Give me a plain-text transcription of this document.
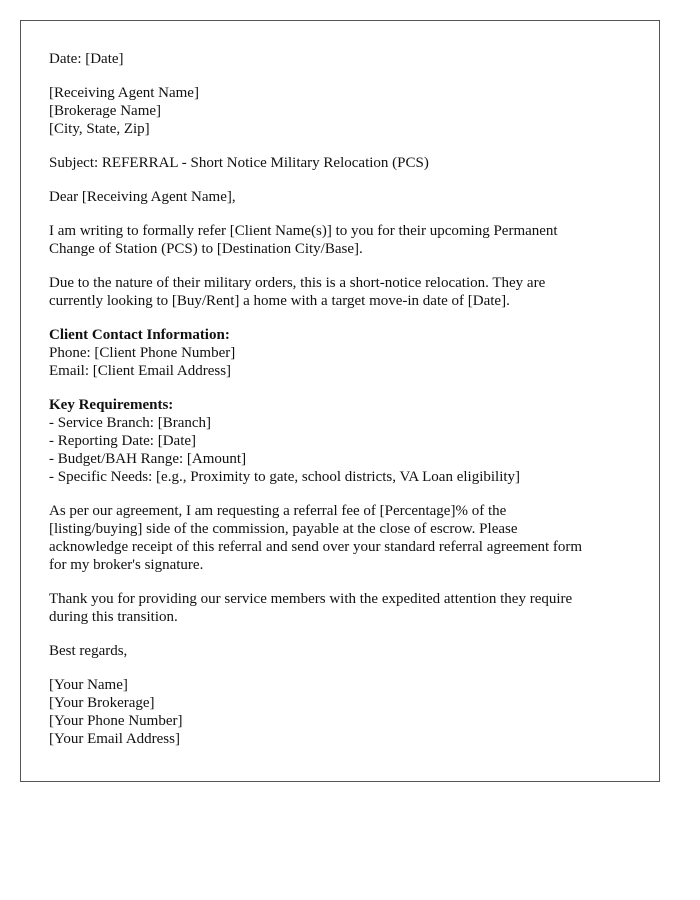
Date: [Date]
[Receiving Agent Name]
[Brokerage Name]
[City, State, Zip]
Subject: REFERRAL - Short Notice Military Relocation (PCS)
Dear [Receiving Agent Name],
I am writing to formally refer [Client Name(s)] to you for their upcoming Permanent
Change of Station (PCS) to [Destination City/Base].
Due to the nature of their military orders, this is a short-notice relocation. They are
currently looking to [Buy/Rent] a home with a target move-in date of [Date].
Client Contact Information:
Phone: [Client Phone Number]
Email: [Client Email Address]
Key Requirements:
- Service Branch: [Branch]
- Reporting Date: [Date]
- Budget/BAH Range: [Amount]
- Specific Needs: [e.g., Proximity to gate, school districts, VA Loan eligibility]
As per our agreement, I am requesting a referral fee of [Percentage]% of the
[listing/buying] side of the commission, payable at the close of escrow. Please
acknowledge receipt of this referral and send over your standard referral agreement form
for my broker's signature.
Thank you for providing our service members with the expedited attention they require
during this transition.
Best regards,
[Your Name]
[Your Brokerage]
[Your Phone Number]
[Your Email Address]
